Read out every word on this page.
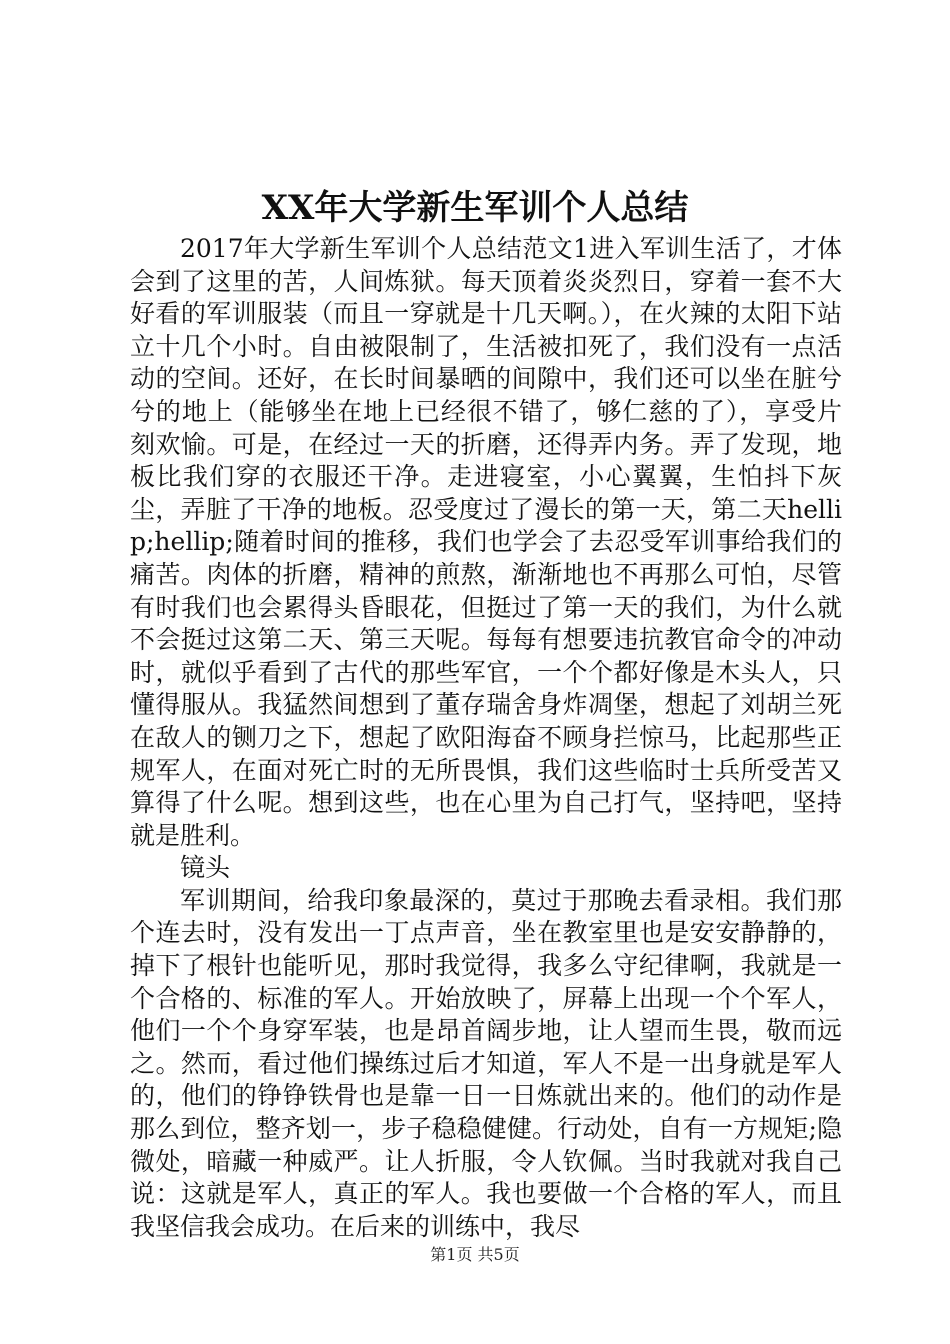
XX年大学新生军训个人总结

2017年大学新生军训个人总结范文1进入军训生活了，才体会到了这里的苦，人间炼狱。每天顶着炎炎烈日，穿着一套不大好看的军训服装（而且一穿就是十几天啊。），在火辣的太阳下站立十几个小时。自由被限制了，生活被扣死了，我们没有一点活动的空间。还好，在长时间暴晒的间隙中，我们还可以坐在脏兮兮的地上（能够坐在地上已经很不错了，够仁慈的了），享受片刻欢愉。可是，在经过一天的折磨，还得弄内务。弄了发现，地板比我们穿的衣服还干净。走进寝室，小心翼翼，生怕抖下灰尘，弄脏了干净的地板。忍受度过了漫长的第一天，第二天hellip;hellip;随着时间的推移，我们也学会了去忍受军训事给我们的痛苦。肉体的折磨，精神的煎熬，渐渐地也不再那么可怕，尽管有时我们也会累得头昏眼花，但挺过了第一天的我们，为什么就不会挺过这第二天、第三天呢。每每有想要违抗教官命令的冲动时，就似乎看到了古代的那些军官，一个个都好像是木头人，只懂得服从。我猛然间想到了董存瑞舍身炸凋堡，想起了刘胡兰死在敌人的铡刀之下，想起了欧阳海奋不顾身拦惊马，比起那些正规军人，在面对死亡时的无所畏惧，我们这些临时士兵所受苦又算得了什么呢。想到这些，也在心里为自己打气，坚持吧，坚持就是胜利。

镜头

军训期间，给我印象最深的，莫过于那晚去看录相。我们那个连去时，没有发出一丁点声音，坐在教室里也是安安静静的，掉下了根针也能听见，那时我觉得，我多么守纪律啊，我就是一个合格的、标准的军人。开始放映了，屏幕上出现一个个军人，他们一个个身穿军装，也是昂首阔步地，让人望而生畏，敬而远之。然而，看过他们操练过后才知道，军人不是一出身就是军人的，他们的铮铮铁骨也是靠一日一日炼就出来的。他们的动作是那么到位，整齐划一，步子稳稳健健。行动处，自有一方规矩;隐微处，暗藏一种威严。让人折服，令人钦佩。当时我就对我自己说：这就是军人，真正的军人。我也要做一个合格的军人，而且我坚信我会成功。在后来的训练中，我尽

第1页 共5页
